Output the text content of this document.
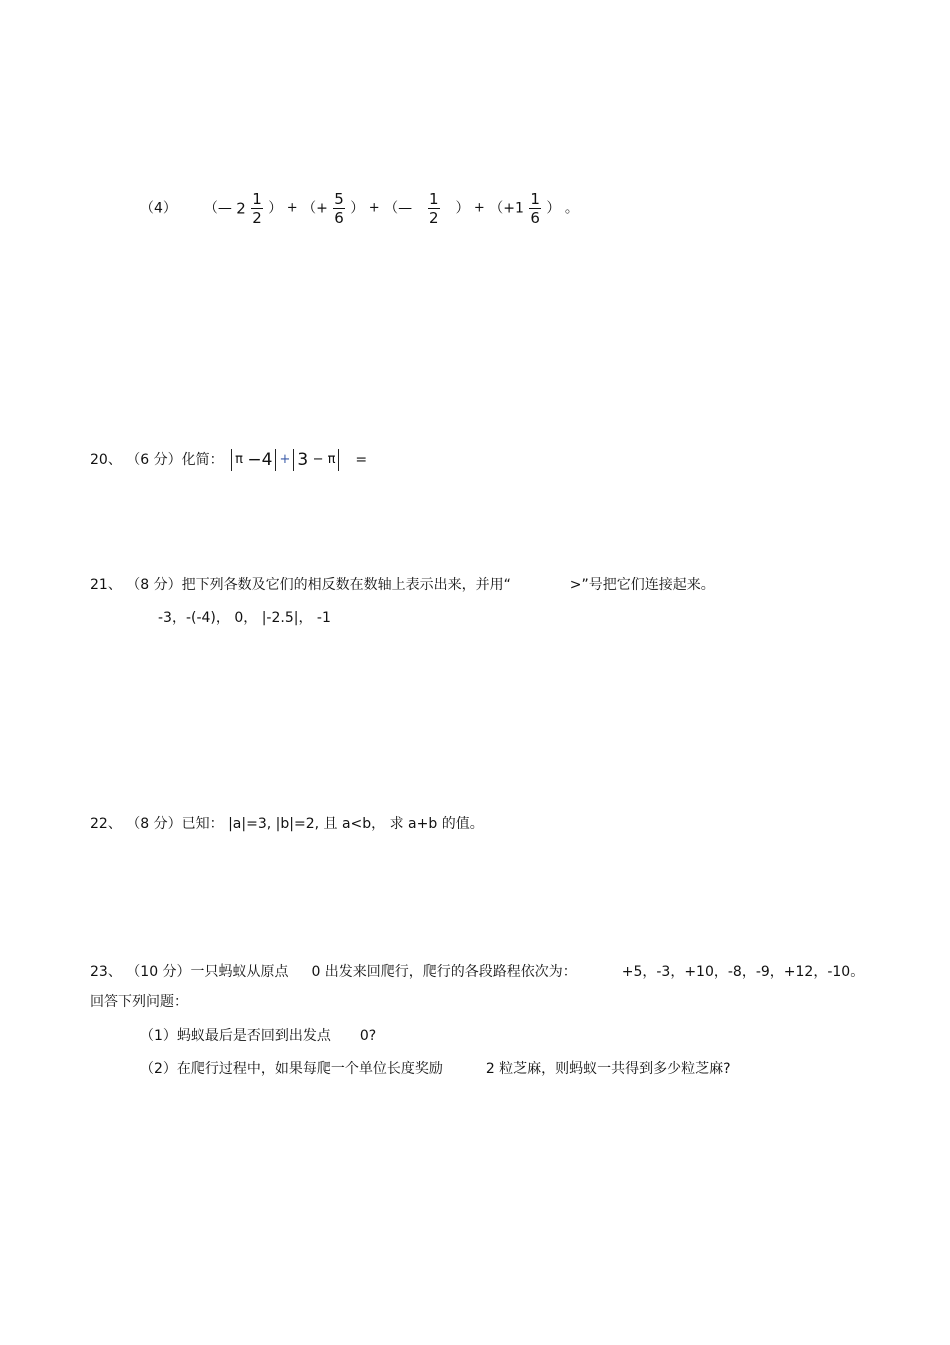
（4） （— $2 \frac{1}{2}$ ） + （+ $\frac{5}{6}$ ） + （— $\frac{1}{2}$ ） + （$+1 \frac{1}{6}$ ） 。
20、 （6 分）化简： π −4 + 3 − π =
21、 （8 分）把下列各数及它们的相反数在数轴上表示出来，并用“	>”号把它们连接起来。
-3，-(-4)， 0， |-2.5|， -1
22、 （8 分）已知： |a|=3, |b|=2, 且 a<b， 求 a+b 的值。
23、 （10 分）一只蚂蚁从原点 0 出发来回爬行，爬行的各段路程依次为：	+5，-3，+10，-8，-9，+12，-10。
回答下列问题：
（1）蚂蚁最后是否回到出发点 0?
（2）在爬行过程中，如果每爬一个单位长度奖励	2 粒芝麻，则蚂蚁一共得到多少粒芝麻?
